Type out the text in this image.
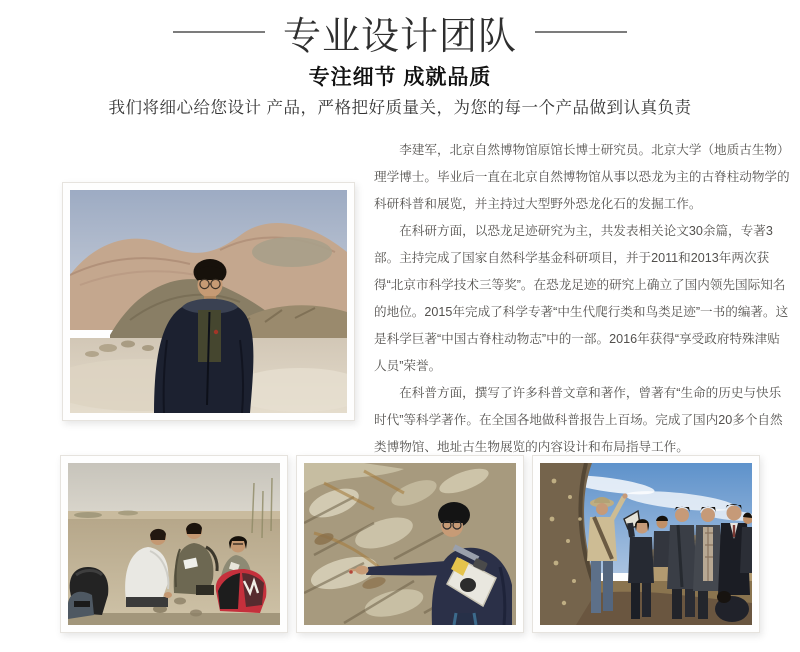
专业设计团队
专注细节 成就品质
我们将细心给您设计 产品，严格把好质量关，为您的每一个产品做到认真负责

李建军，北京自然博物馆原馆长博士研究员。北京大学（地质古生物）理学博士。毕业后一直在北京自然博物馆从事以恐龙为主的古脊柱动物学的科研科普和展览，并主持过大型野外恐龙化石的发掘工作。

在科研方面，以恐龙足迹研究为主，共发表相关论文30余篇，专著3部。主持完成了国家自然科学基金科研项目，并于2011和2013年两次获得“北京市科学技术三等奖”。在恐龙足迹的研究上确立了国内领先国际知名的地位。2015年完成了科学专著“中生代爬行类和鸟类足迹”一书的编著。这是科学巨著“中国古脊柱动物志”中的一部。2016年获得“享受政府特殊津贴人员”荣誉。

在科普方面，撰写了许多科普文章和著作，曾著有“生命的历史与快乐时代”等科学著作。在全国各地做科普报告上百场。完成了国内20多个自然类博物馆、地址古生物展览的内容设计和布局指导工作。
